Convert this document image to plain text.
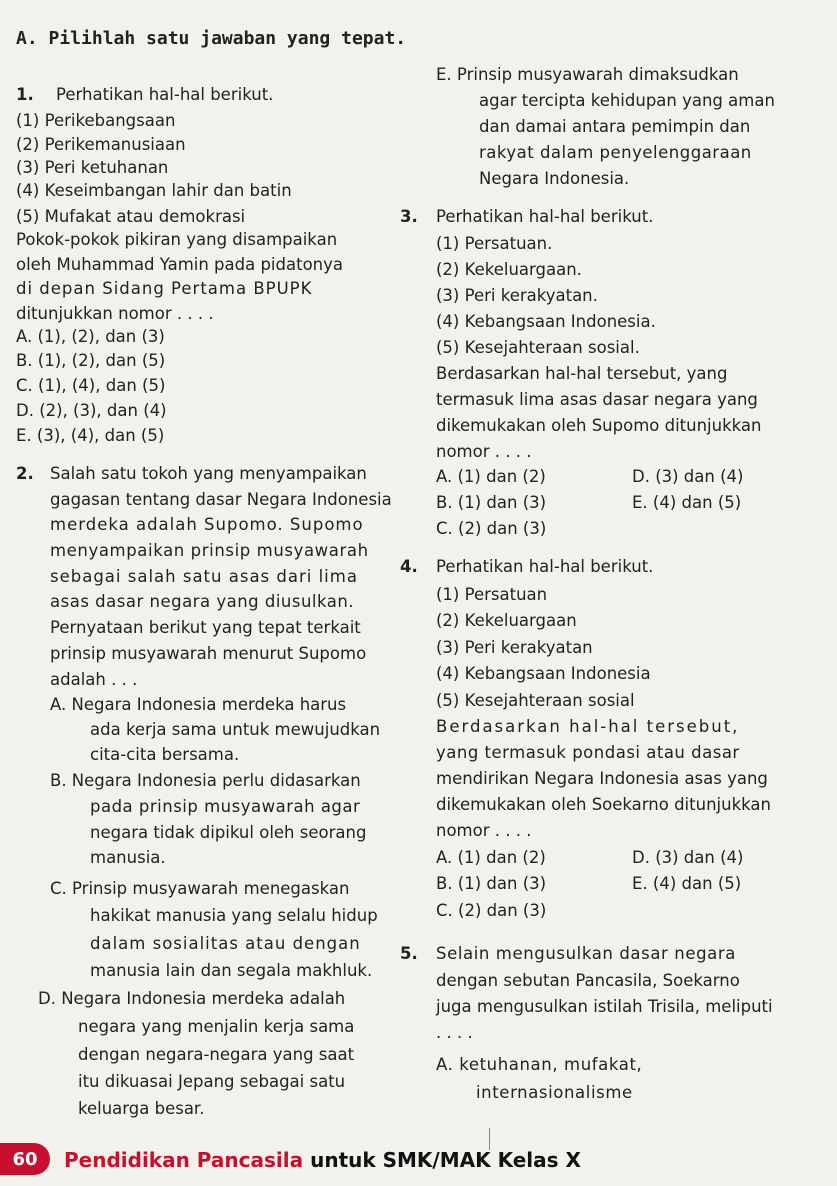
A. Pilihlah satu jawaban yang tepat.
1. Perhatikan hal-hal berikut.
(1) Perikebangsaan
(2) Perikemanusiaan
(3) Peri ketuhanan
(4) Keseimbangan lahir dan batin
(5) Mufakat atau demokrasi
Pokok-pokok pikiran yang disampaikan
oleh Muhammad Yamin pada pidatonya
di depan Sidang Pertama BPUPK
ditunjukkan nomor . . . .
A. (1), (2), dan (3)
B. (1), (2), dan (5)
C. (1), (4), dan (5)
D. (2), (3), dan (4)
E. (3), (4), dan (5)
2. Salah satu tokoh yang menyampaikan
gagasan tentang dasar Negara Indonesia
merdeka adalah Supomo. Supomo
menyampaikan prinsip musyawarah
sebagai salah satu asas dari lima
asas dasar negara yang diusulkan.
Pernyataan berikut yang tepat terkait
prinsip musyawarah menurut Supomo
adalah . . .
A. Negara Indonesia merdeka harus
ada kerja sama untuk mewujudkan
cita-cita bersama.
B. Negara Indonesia perlu didasarkan
pada prinsip musyawarah agar
negara tidak dipikul oleh seorang
manusia.
C. Prinsip musyawarah menegaskan
hakikat manusia yang selalu hidup
dalam sosialitas atau dengan
manusia lain dan segala makhluk.
D. Negara Indonesia merdeka adalah
negara yang menjalin kerja sama
dengan negara-negara yang saat
itu dikuasai Jepang sebagai satu
keluarga besar.
E. Prinsip musyawarah dimaksudkan
agar tercipta kehidupan yang aman
dan damai antara pemimpin dan
rakyat dalam penyelenggaraan
Negara Indonesia.
3. Perhatikan hal-hal berikut.
(1) Persatuan.
(2) Kekeluargaan.
(3) Peri kerakyatan.
(4) Kebangsaan Indonesia.
(5) Kesejahteraan sosial.
Berdasarkan hal-hal tersebut, yang
termasuk lima asas dasar negara yang
dikemukakan oleh Supomo ditunjukkan
nomor . . . .
A. (1) dan (2)
B. (1) dan (3)
C. (2) dan (3)
D. (3) dan (4)
E. (4) dan (5)
4. Perhatikan hal-hal berikut.
(1) Persatuan
(2) Kekeluargaan
(3) Peri kerakyatan
(4) Kebangsaan Indonesia
(5) Kesejahteraan sosial
Berdasarkan hal-hal tersebut,
yang termasuk pondasi atau dasar
mendirikan Negara Indonesia asas yang
dikemukakan oleh Soekarno ditunjukkan
nomor . . . .
A. (1) dan (2)
B. (1) dan (3)
C. (2) dan (3)
D. (3) dan (4)
E. (4) dan (5)
5. Selain mengusulkan dasar negara
dengan sebutan Pancasila, Soekarno
juga mengusulkan istilah Trisila, meliputi
. . . .
A. ketuhanan, mufakat,
internasionalisme
60	Pendidikan Pancasila untuk SMK/MAK Kelas X
